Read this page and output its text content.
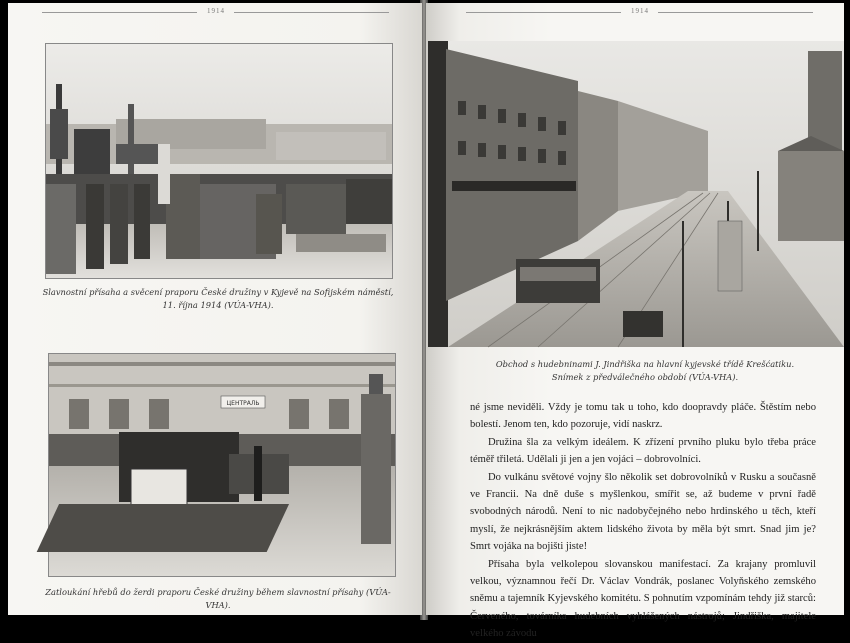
1914
Slavnostní přísaha a svěcení praporu České družiny v Kyjevě na Sofijském náměstí,
11. října 1914 (VÚA-VHA).
ЦЕНТРАЛЬ
Zatloukání hřebů do žerdi praporu České družiny během slavnostní přísahy (VÚA-VHA).
1914
Obchod s hudebninami J. Jindřiška na hlavní kyjevské třídě Krešćatiku.
Snímek z předválečného období (VÚA-VHA).

né jsme neviděli. Vždy je tomu tak u toho, kdo doopravdy pláče. Štěstím nebo bolestí. Jenom ten, kdo pozoruje, vidí naskrz.

Družina šla za velkým ideálem. K zřízení prvního pluku bylo třeba práce téměř třiletá. Udělali ji jen a jen vojáci – dobrovolníci.

Do vulkánu světové vojny šlo několik set dobrovolníků v Rusku a současně ve Francii. Na dně duše s myšlenkou, smířit se, až budeme v první řadě svobodných národů. Není to nic nadobyčejného nebo hrdinského u těch, kteří myslí, že nejkrásnějším aktem lidského života by měla být smrt. Snad jim je? Smrt vojáka na bojišti jiste!

Přísaha byla velkolepou slovanskou manifestací. Za krajany promluvil velkou, významnou řečí Dr. Václav Vondrák, poslanec Volyňského zemského sněmu a tajemník Kyjevského komitétu. S pohnutím vzpomínám tehdy již starců: Červeného, továrníka hudebních vyhlášených nástrojů; Jindřiška, majitele velkého závodu
